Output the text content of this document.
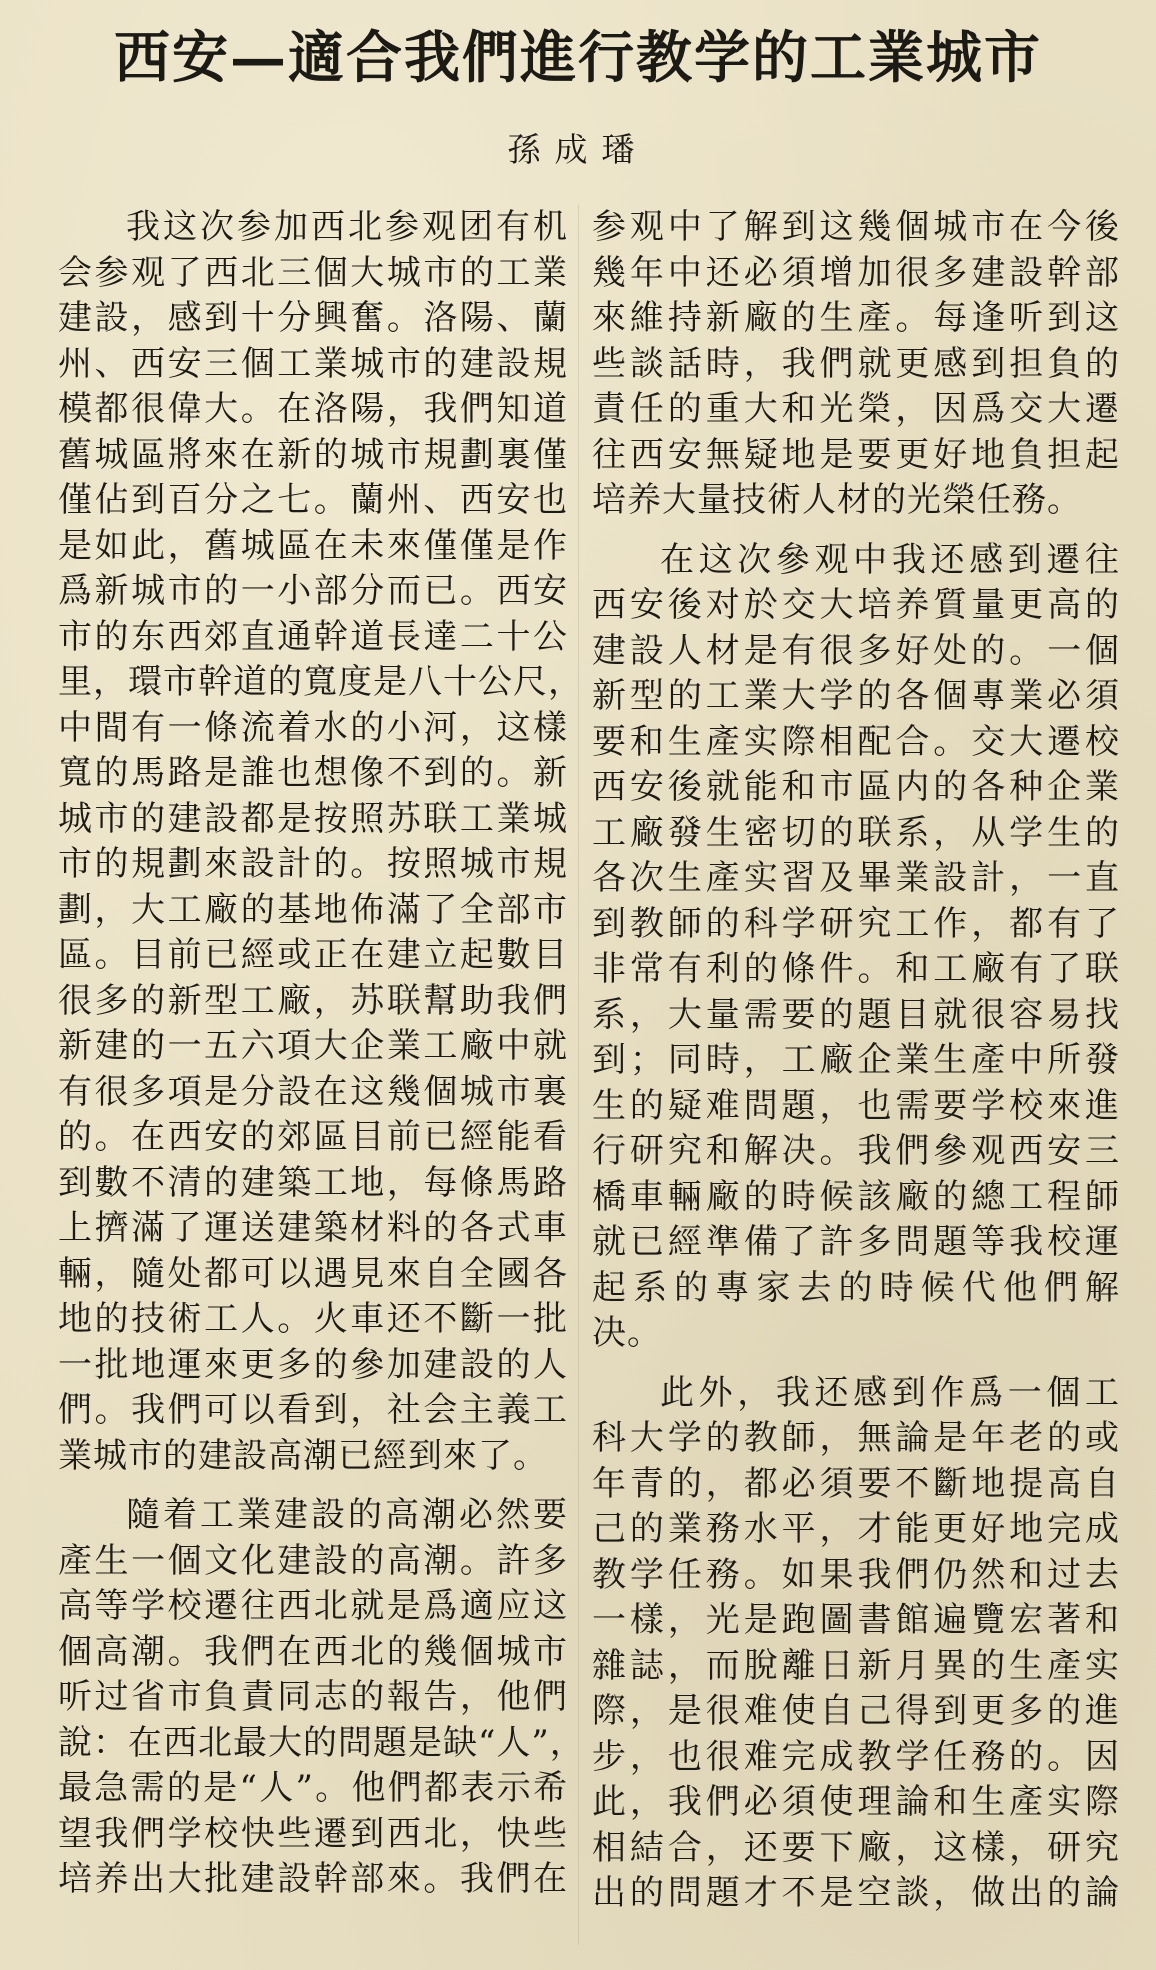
西安—適合我們進行教学的工業城市
孫成璠
我这次参加西北参观团有机
会参观了西北三個大城市的工業
建設，感到十分興奮。洛陽、蘭
州、西安三個工業城市的建設規
模都很偉大。在洛陽，我們知道
舊城區將來在新的城市規劃裏僅
僅佔到百分之七。蘭州、西安也
是如此，舊城區在未來僅僅是作
爲新城市的一小部分而已。西安
市的东西郊直通幹道長達二十公
里，環市幹道的寬度是八十公尺，
中間有一條流着水的小河，这樣
寬的馬路是誰也想像不到的。新
城市的建設都是按照苏联工業城
市的規劃來設計的。按照城市規
劃，大工廠的基地佈滿了全部市
區。目前已經或正在建立起數目
很多的新型工廠，苏联幫助我們
新建的一五六項大企業工廠中就
有很多項是分設在这幾個城市裏
的。在西安的郊區目前已經能看
到數不清的建築工地，每條馬路
上擠滿了運送建築材料的各式車
輛，隨处都可以遇見來自全國各
地的技術工人。火車还不斷一批
一批地運來更多的參加建設的人
們。我們可以看到，社会主義工
業城市的建設高潮已經到來了。
隨着工業建設的高潮必然要
產生一個文化建設的高潮。許多
高等学校遷往西北就是爲適应这
個高潮。我們在西北的幾個城市
听过省市負責同志的報告，他們
說：在西北最大的問題是缺“人”，
最急需的是“人”。他們都表示希
望我們学校快些遷到西北，快些
培养出大批建設幹部來。我們在
参观中了解到这幾個城市在今後
幾年中还必須增加很多建設幹部
來維持新廠的生產。每逢听到这
些談話時，我們就更感到担負的
責任的重大和光榮，因爲交大遷
往西安無疑地是要更好地負担起
培养大量技術人材的光榮任務。
在这次參观中我还感到遷往
西安後对於交大培养質量更高的
建設人材是有很多好处的。一個
新型的工業大学的各個專業必須
要和生產实際相配合。交大遷校
西安後就能和市區内的各种企業
工廠發生密切的联系，从学生的
各次生產实習及畢業設計，一直
到教師的科学研究工作，都有了
非常有利的條件。和工廠有了联
系，大量需要的題目就很容易找
到；同時，工廠企業生產中所發
生的疑难問題，也需要学校來進
行研究和解决。我們參观西安三
橋車輛廠的時候該廠的總工程師
就已經準備了許多問題等我校運
起系的專家去的時候代他們解
决。
此外，我还感到作爲一個工
科大学的教師，無論是年老的或
年青的，都必須要不斷地提高自
己的業務水平，才能更好地完成
教学任務。如果我們仍然和过去
一樣，光是跑圖書館遍覽宏著和
雜誌，而脫離日新月異的生產实
際，是很难使自己得到更多的進
步，也很难完成教学任務的。因
此，我們必須使理論和生產实際
相結合，还要下廠，这樣，研究
出的問題才不是空談，做出的論
